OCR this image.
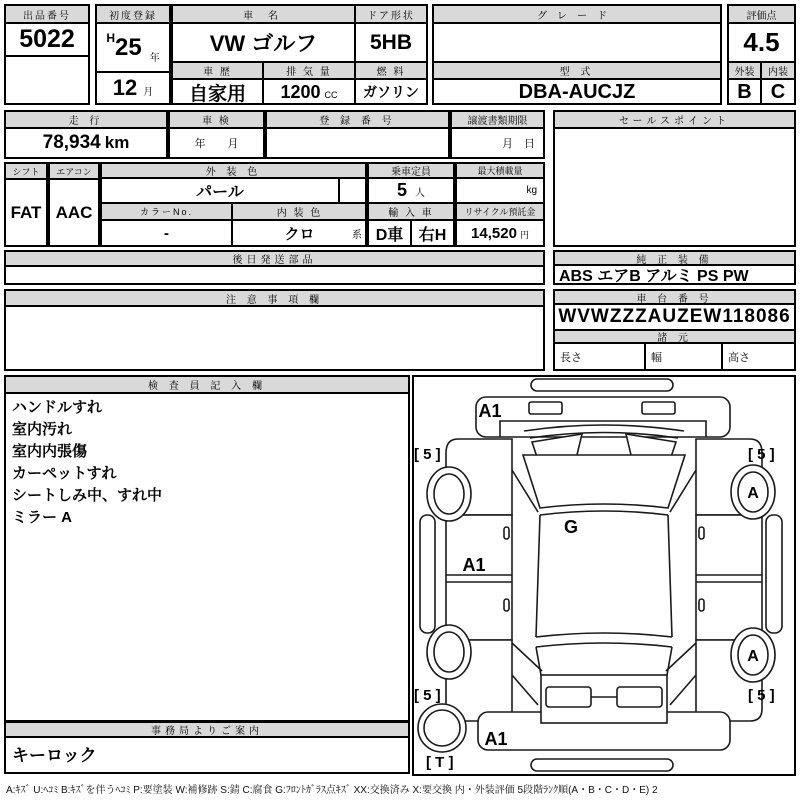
出品番号
5022
初度登録
H 25 年
12 月
車 名	ドア形状
VW ゴルフ	5HB
車 歴	排 気 量	燃 料
自家用	1200 CC	ガソリン
グレード
型 式
DBA-AUCJZ
評価点
4.5
外装	内装
B C
走 行
78,934 km
車 検
年　　月
登 録 番 号	譲渡書類期限
月　日
セールスポイント
シフト
FAT
エアコン
AAC
外 装 色
パール
カラーNo.	内 装 色
-	クロ	系
乗車定員
5 人
輸 入 車
D車 右H
最大積載量
kg
リサイクル預託金
14,520 円
後日発送部品	純 正 装 備
ABS エアB アルミ PS PW
注 意 事 項 欄	車 台 番 号
WVWZZZAUZEW118086
諸 元
長さ	幅	高さ
検 査 員 記 入 欄
ハンドルすれ
室内汚れ
室内内張傷
カーペットすれ
シートしみ中、すれ中
ミラー A
事務局よりご案内
キーロック
A1
[ 5 ]	[ 5 ]
A
G
A1
A
[ 5 ]	[ 5 ]
A1
[ T ]
A:ｷｽﾞ U:ﾍｺﾐ B:ｷｽﾞを伴うﾍｺﾐ P:要塗装 W:補修跡 S:錆 C:腐食 G:ﾌﾛﾝﾄｶﾞﾗｽ点ｷｽﾞ XX:交換済み X:要交換 内・外装評価 5段階ﾗﾝｸ順(A・B・C・D・E) 2
